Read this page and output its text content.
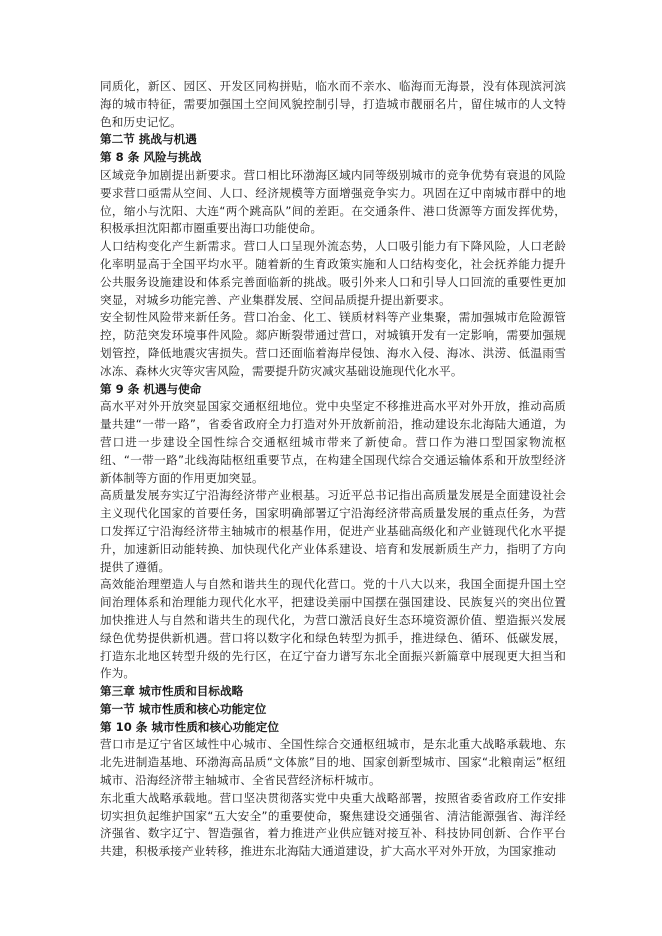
同质化，新区、园区、开发区同构拼贴，临水而不亲水、临海而无海景，没有体现滨河滨海的城市特征，需要加强国土空间风貌控制引导，打造城市靓丽名片，留住城市的人文特色和历史记忆。

第二节 挑战与机遇

第 8 条 风险与挑战

区域竞争加剧提出新要求。营口相比环渤海区域内同等级别城市的竞争优势有衰退的风险要求营口亟需从空间、人口、经济规模等方面增强竞争实力。巩固在辽中南城市群中的地位，缩小与沈阳、大连“两个跳高队”间的差距。在交通条件、港口货源等方面发挥优势，积极承担沈阳都市圈重要出海口功能使命。

人口结构变化产生新需求。营口人口呈现外流态势，人口吸引能力有下降风险，人口老龄化率明显高于全国平均水平。随着新的生育政策实施和人口结构变化，社会抚养能力提升公共服务设施建设和体系完善面临新的挑战。吸引外来人口和引导人口回流的重要性更加突显，对城乡功能完善、产业集群发展、空间品质提升提出新要求。

安全韧性风险带来新任务。营口冶金、化工、镁质材料等产业集聚，需加强城市危险源管控，防范突发环境事件风险。郯庐断裂带通过营口，对城镇开发有一定影响，需要加强规划管控，降低地震灾害损失。营口还面临着海岸侵蚀、海水入侵、海冰、洪涝、低温雨雪冰冻、森林火灾等灾害风险，需要提升防灾减灾基础设施现代化水平。

第 9 条 机遇与使命

高水平对外开放突显国家交通枢纽地位。党中央坚定不移推进高水平对外开放，推动高质量共建“一带一路”，省委省政府全力打造对外开放新前沿，推动建设东北海陆大通道，为营口进一步建设全国性综合交通枢纽城市带来了新使命。营口作为港口型国家物流枢纽、“一带一路”北线海陆枢纽重要节点，在构建全国现代综合交通运输体系和开放型经济新体制等方面的作用更加突显。

高质量发展夯实辽宁沿海经济带产业根基。习近平总书记指出高质量发展是全面建设社会主义现代化国家的首要任务，国家明确部署辽宁沿海经济带高质量发展的重点任务，为营口发挥辽宁沿海经济带主轴城市的根基作用，促进产业基础高级化和产业链现代化水平提升，加速新旧动能转换、加快现代化产业体系建设、培育和发展新质生产力，指明了方向提供了遵循。

高效能治理塑造人与自然和谐共生的现代化营口。党的十八大以来，我国全面提升国土空间治理体系和治理能力现代化水平，把建设美丽中国摆在强国建设、民族复兴的突出位置加快推进人与自然和谐共生的现代化，为营口激活良好生态环境资源价值、塑造振兴发展绿色优势提供新机遇。营口将以数字化和绿色转型为抓手，推进绿色、循环、低碳发展，打造东北地区转型升级的先行区，在辽宁奋力谱写东北全面振兴新篇章中展现更大担当和作为。

第三章 城市性质和目标战略

第一节 城市性质和核心功能定位

第 10 条 城市性质和核心功能定位

营口市是辽宁省区域性中心城市、全国性综合交通枢纽城市，是东北重大战略承载地、东北先进制造基地、环渤海高品质“文体旅”目的地、国家创新型城市、国家“北粮南运”枢纽城市、沿海经济带主轴城市、全省民营经济标杆城市。

东北重大战略承载地。营口坚决贯彻落实党中央重大战略部署，按照省委省政府工作安排切实担负起维护国家“五大安全”的重要使命，聚焦建设交通强省、清洁能源强省、海洋经济强省、数字辽宁、智造强省，着力推进产业供应链对接互补、科技协同创新、合作平台共建，积极承接产业转移，推进东北海陆大通道建设，扩大高水平对外开放，为国家推动
